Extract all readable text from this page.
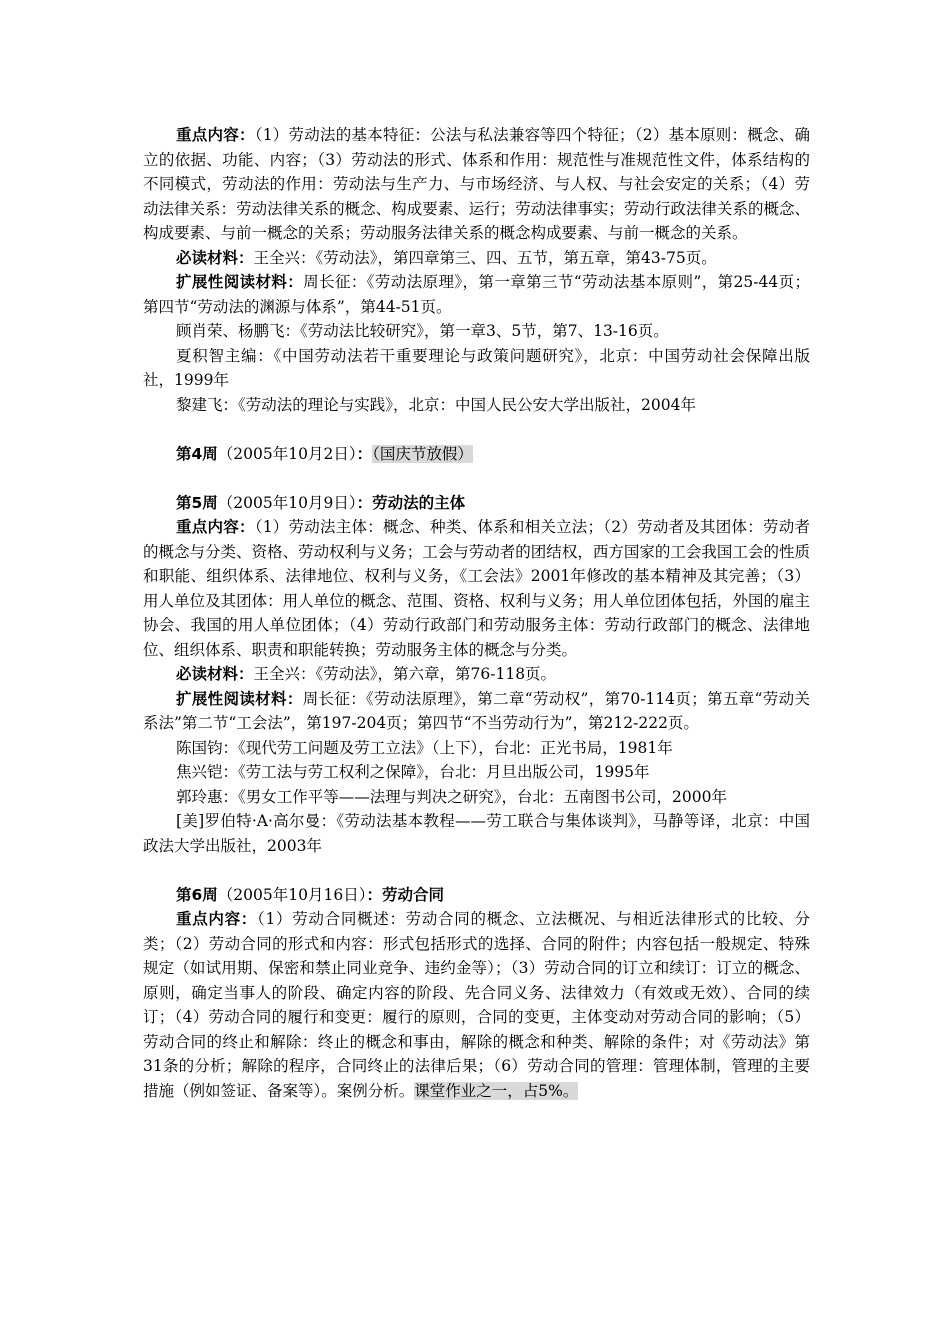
重点内容：（1）劳动法的基本特征：公法与私法兼容等四个特征；（2）基本原则：概念、确立的依据、功能、内容；（3）劳动法的形式、体系和作用：规范性与准规范性文件，体系结构的不同模式，劳动法的作用：劳动法与生产力、与市场经济、与人权、与社会安定的关系；（4）劳动法律关系：劳动法律关系的概念、构成要素、运行；劳动法律事实；劳动行政法律关系的概念、构成要素、与前一概念的关系；劳动服务法律关系的概念构成要素、与前一概念的关系。

必读材料：王全兴：《劳动法》，第四章第三、四、五节，第五章，第43-75页。

扩展性阅读材料：周长征：《劳动法原理》，第一章第三节“劳动法基本原则”，第25-44页；第四节“劳动法的渊源与体系”，第44-51页。

顾肖荣、杨鹏飞：《劳动法比较研究》，第一章3、5节，第7、13-16页。

夏积智主编：《中国劳动法若干重要理论与政策问题研究》，北京：中国劳动社会保障出版社，1999年

黎建飞：《劳动法的理论与实践》，北京：中国人民公安大学出版社，2004年

第4周（2005年10月2日）：（国庆节放假）

第5周（2005年10月9日）：劳动法的主体

重点内容：（1）劳动法主体：概念、种类、体系和相关立法；（2）劳动者及其团体：劳动者的概念与分类、资格、劳动权利与义务；工会与劳动者的团结权，西方国家的工会我国工会的性质和职能、组织体系、法律地位、权利与义务，《工会法》2001年修改的基本精神及其完善；（3）用人单位及其团体：用人单位的概念、范围、资格、权利与义务；用人单位团体包括，外国的雇主协会、我国的用人单位团体；（4）劳动行政部门和劳动服务主体：劳动行政部门的概念、法律地位、组织体系、职责和职能转换；劳动服务主体的概念与分类。

必读材料：王全兴：《劳动法》，第六章，第76-118页。

扩展性阅读材料：周长征：《劳动法原理》，第二章“劳动权”，第70-114页；第五章“劳动关系法”第二节“工会法”，第197-204页；第四节“不当劳动行为”，第212-222页。

陈国钧：《现代劳工问题及劳工立法》（上下），台北：正光书局，1981年

焦兴铠：《劳工法与劳工权利之保障》，台北：月旦出版公司，1995年

郭玲惠：《男女工作平等——法理与判决之研究》，台北：五南图书公司，2000年

[美]罗伯特·A·高尔曼：《劳动法基本教程——劳工联合与集体谈判》，马静等译，北京：中国政法大学出版社，2003年

第6周（2005年10月16日）：劳动合同

重点内容：（1）劳动合同概述：劳动合同的概念、立法概况、与相近法律形式的比较、分类；（2）劳动合同的形式和内容：形式包括形式的选择、合同的附件；内容包括一般规定、特殊规定（如试用期、保密和禁止同业竞争、违约金等）；（3）劳动合同的订立和续订：订立的概念、原则，确定当事人的阶段、确定内容的阶段、先合同义务、法律效力（有效或无效）、合同的续订；（4）劳动合同的履行和变更：履行的原则，合同的变更，主体变动对劳动合同的影响；（5）劳动合同的终止和解除：终止的概念和事由，解除的概念和种类、解除的条件；对《劳动法》第31条的分析；解除的程序，合同终止的法律后果；（6）劳动合同的管理：管理体制，管理的主要措施（例如签证、备案等）。案例分析。课堂作业之一，占5%。
